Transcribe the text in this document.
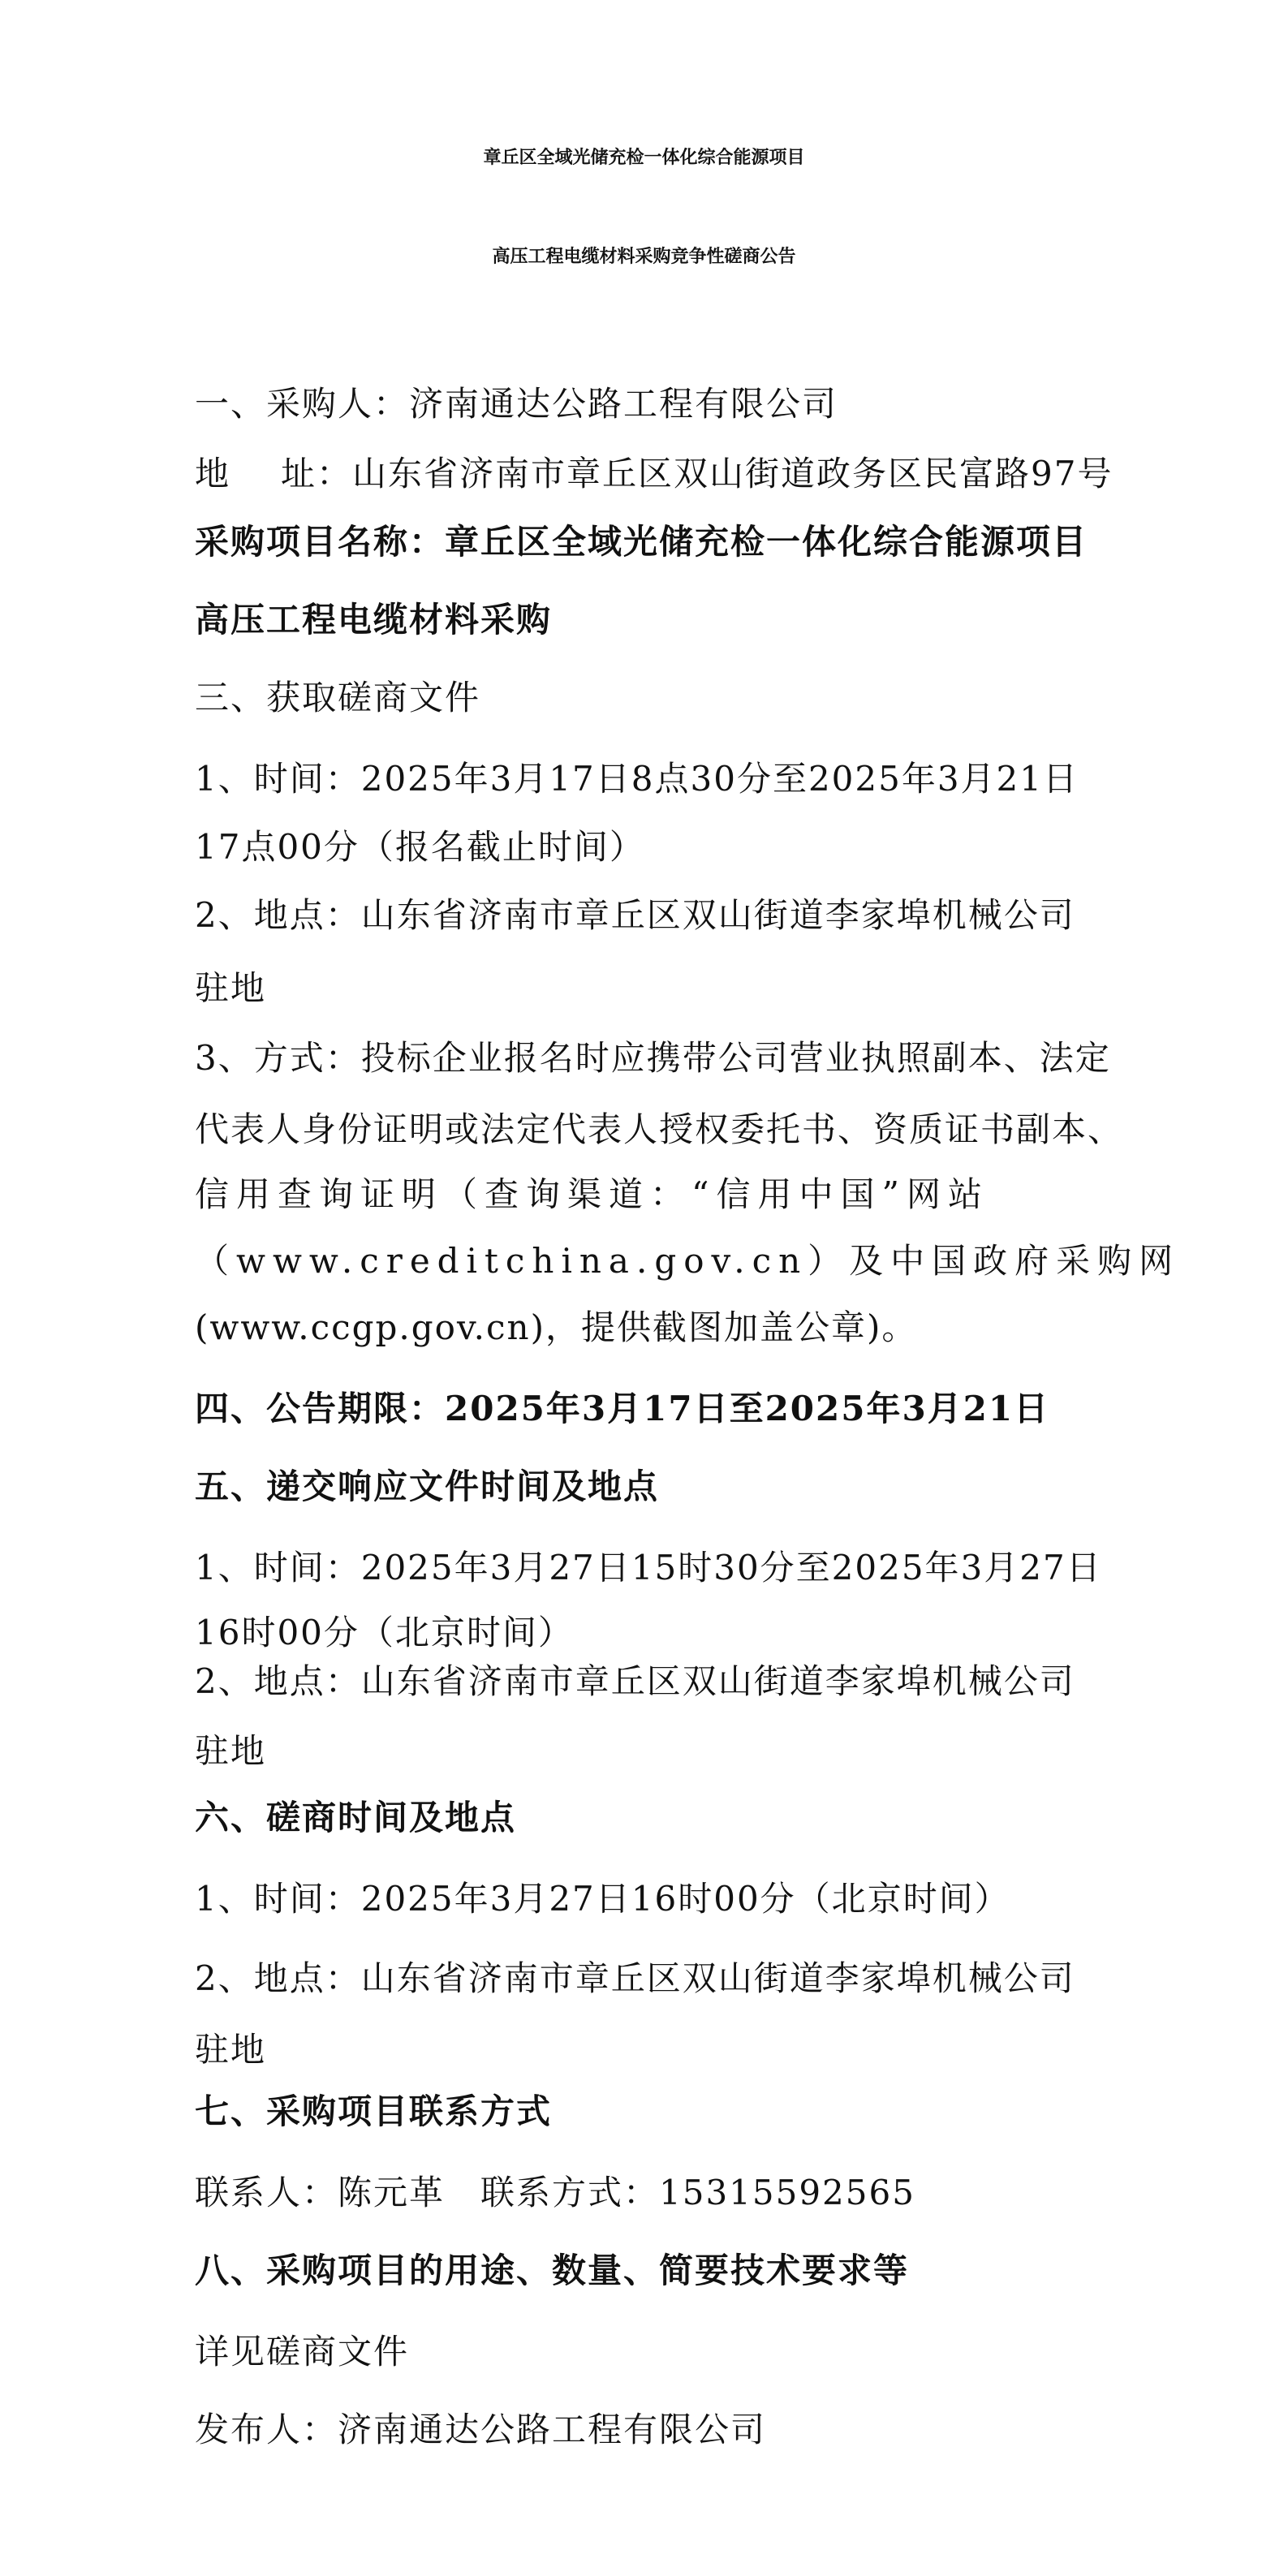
章丘区全域光储充检一体化综合能源项目
高压工程电缆材料采购竞争性磋商公告
一、采购人：济南通达公路工程有限公司
地 址：山东省济南市章丘区双山街道政务区民富路97号
采购项目名称：章丘区全域光储充检一体化综合能源项目
高压工程电缆材料采购
三、获取磋商文件
1、时间：2025年3月17日8点30分至2025年3月21日
17点00分（报名截止时间）
2、地点：山东省济南市章丘区双山街道李家埠机械公司
驻地
3、方式：投标企业报名时应携带公司营业执照副本、法定
代表人身份证明或法定代表人授权委托书、资质证书副本、
信用查询证明（查询渠道：“信用中国”网站
（www.creditchina.gov.cn）及中国政府采购网
(www.ccgp.gov.cn)，提供截图加盖公章)。
四、公告期限：2025年3月17日至2025年3月21日
五、递交响应文件时间及地点
1、时间：2025年3月27日15时30分至2025年3月27日
16时00分（北京时间）
2、地点：山东省济南市章丘区双山街道李家埠机械公司
驻地
六、磋商时间及地点
1、时间：2025年3月27日16时00分（北京时间）
2、地点：山东省济南市章丘区双山街道李家埠机械公司
驻地
七、采购项目联系方式
联系人：陈元革　联系方式：15315592565
八、采购项目的用途、数量、简要技术要求等
详见磋商文件
发布人：济南通达公路工程有限公司
